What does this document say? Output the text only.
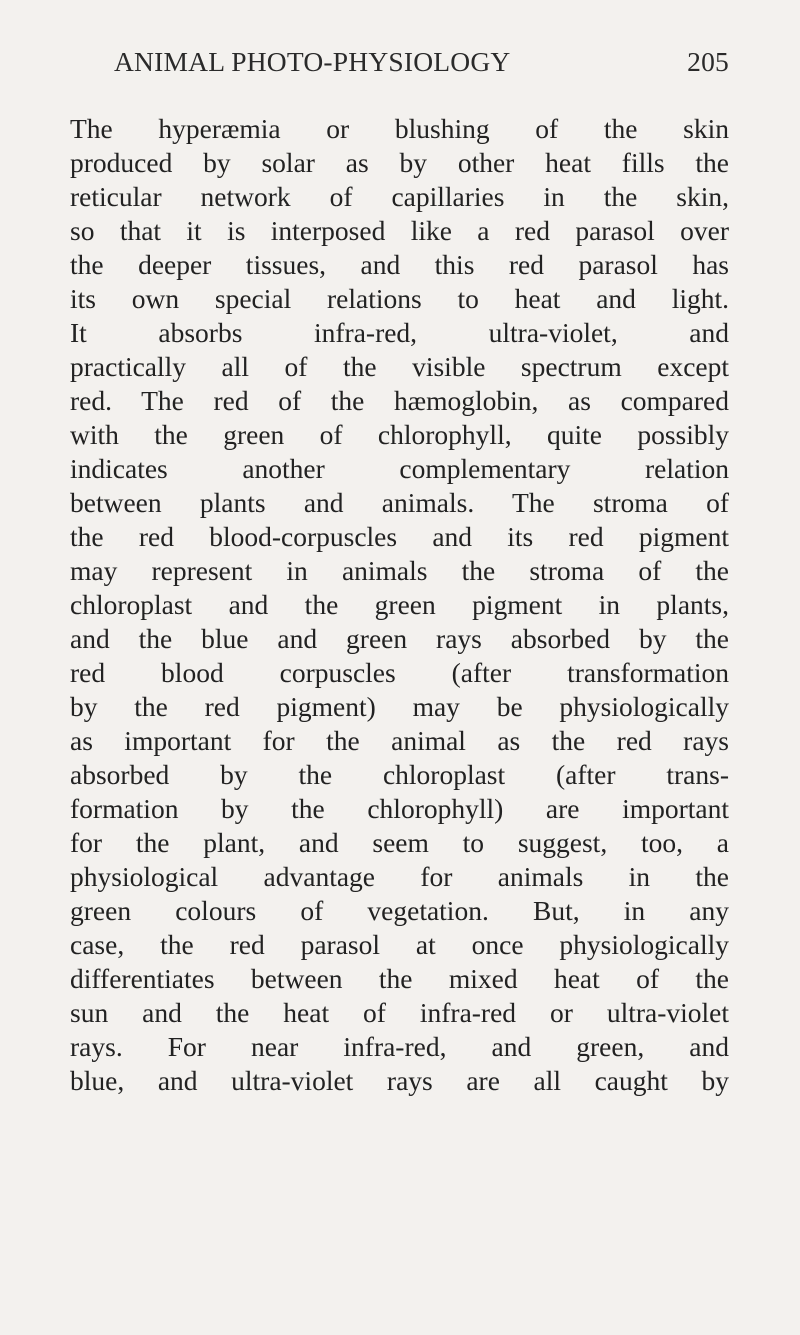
ANIMAL PHOTO-PHYSIOLOGY	205
The hyperæmia or blushing of the skin
produced by solar as by other heat fills the
reticular network of capillaries in the skin,
so that it is interposed like a red parasol over
the deeper tissues, and this red parasol has
its own special relations to heat and light.
It absorbs infra-red, ultra-violet, and
practically all of the visible spectrum except
red. The red of the hæmoglobin, as compared
with the green of chlorophyll, quite possibly
indicates another complementary relation
between plants and animals. The stroma of
the red blood-corpuscles and its red pigment
may represent in animals the stroma of the
chloroplast and the green pigment in plants,
and the blue and green rays absorbed by the
red blood corpuscles (after transformation
by the red pigment) may be physiologically
as important for the animal as the red rays
absorbed by the chloroplast (after trans-
formation by the chlorophyll) are important
for the plant, and seem to suggest, too, a
physiological advantage for animals in the
green colours of vegetation. But, in any
case, the red parasol at once physiologically
differentiates between the mixed heat of the
sun and the heat of infra-red or ultra-violet
rays. For near infra-red, and green, and
blue, and ultra-violet rays are all caught by
